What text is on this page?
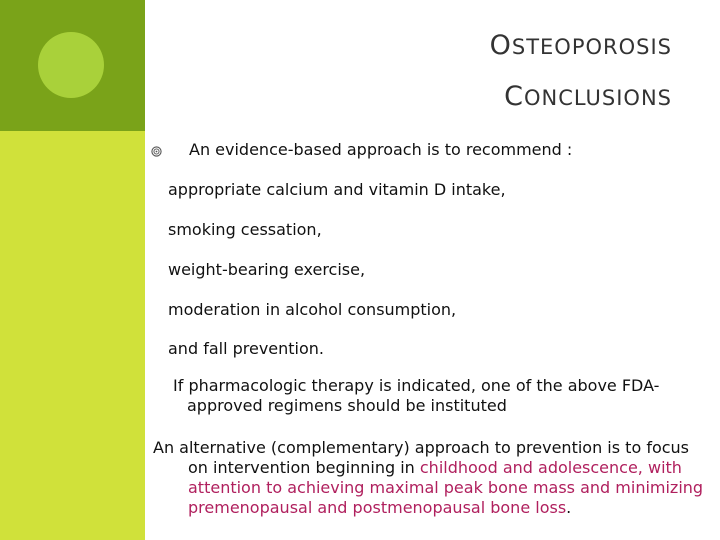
OSTEOPOROSIS
CONCLUSIONS
An evidence-based approach is to recommend :
appropriate calcium and vitamin D intake,
smoking cessation,
weight-bearing exercise,
moderation in alcohol consumption,
and fall prevention.
If pharmacologic therapy is indicated, one of the above FDA-
approved regimens should be instituted
An alternative (complementary) approach to prevention is to focus
on intervention beginning in childhood and adolescence, with
attention to achieving maximal peak bone mass and minimizing
premenopausal and postmenopausal bone loss.
